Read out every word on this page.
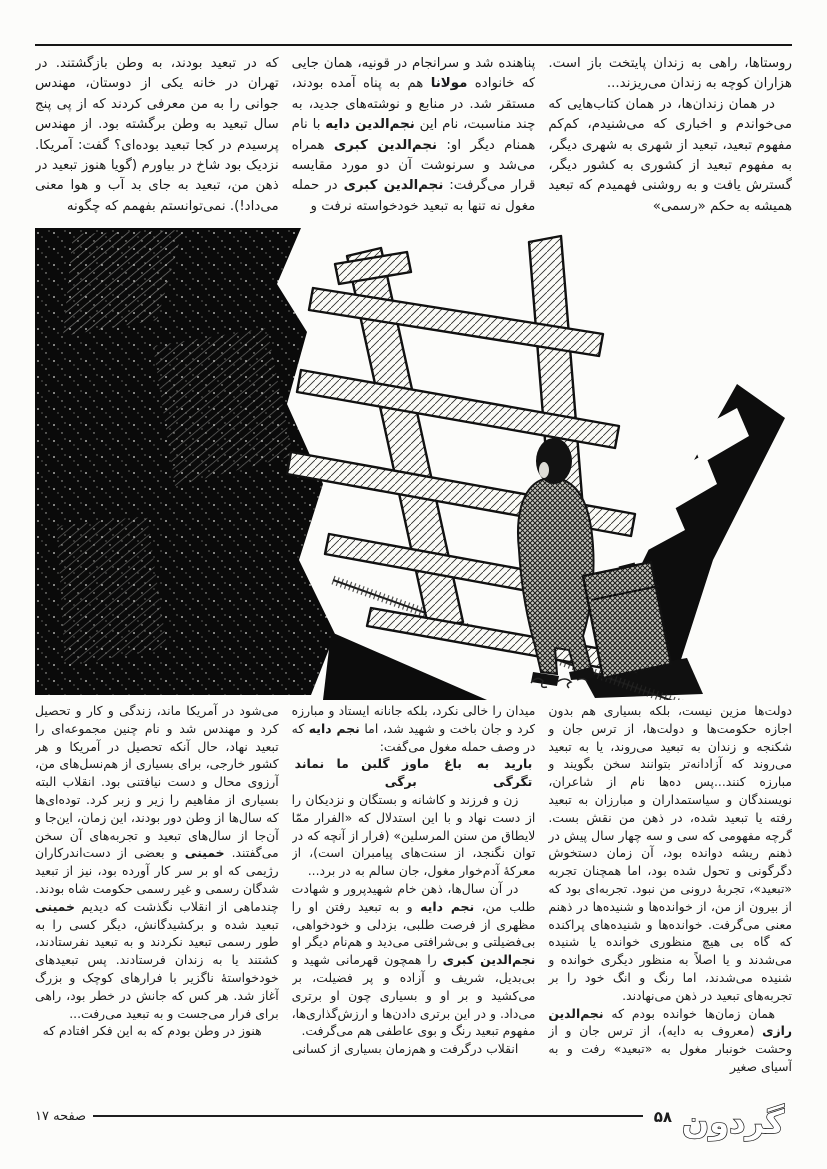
روستاها، راهی به زندان پایتخت باز است. هزاران کوچه به زندان می‌ریزند...

در همان زندان‌ها، در همان کتاب‌هایی که می‌خواندم و اخباری که می‌شنیدم، کم‌کم مفهوم تبعید، تبعید از شهری به شهری دیگر، به مفهوم تبعید از کشوری به کشور دیگر، گسترش یافت و به روشنی فهمیدم که تبعید همیشه به حکم «رسمی»

پناهنده شد و سرانجام در قونیه، همان جایی که خانواده مولانا هم به پناه آمده بودند، مستقر شد. در منابع و نوشته‌های جدید، به چند مناسبت، نام این نجم‌الدین دایه با نام همنام دیگر او: نجم‌الدین کبری همراه می‌شد و سرنوشت آن دو مورد مقایسه قرار می‌گرفت: نجم‌الدین کبری در حمله مغول نه تنها به تبعید خودخواسته نرفت و

که در تبعید بودند، به وطن بازگشتند. در تهران در خانه یکی از دوستان، مهندس جوانی را به من معرفی کردند که از پی پنج سال تبعید به وطن برگشته بود. از مهندس پرسیدم در کجا تبعید بوده‌ای؟ گفت: آمریکا. نزدیک بود شاخ در بیاورم (گویا هنوز تبعید در ذهن من، تبعید به جای بد آب و هوا معنی می‌داد!). نمی‌توانستم بفهمم که چگونه

دولت‌ها مزین نیست، بلکه بسیاری هم بدون اجازه حکومت‌ها و دولت‌ها، از ترس جان و شکنجه و زندان به تبعید می‌روند، یا به تبعید می‌روند که آزادانه‌تر بتوانند سخن بگویند و مبارزه کنند...پس ده‌ها نام از شاعران، نویسندگان و سیاستمداران و مبارزان به تبعید رفته یا تبعید شده، در ذهن من نقش بست. گرچه مفهومی که سی و سه چهار سال پیش در ذهنم ریشه دوانده بود، آن زمان دستخوش دگرگونی و تحول شده بود، اما همچنان تجربه «تبعید»، تجربهٔ درونی من نبود. تجربه‌ای بود که از بیرون از من، از خوانده‌ها و شنیده‌ها در ذهنم معنی می‌گرفت. خوانده‌ها و شنیده‌های پراکنده که گاه بی هیچ منظوری خوانده یا شنیده می‌شدند و یا اصلاً به منظور دیگری خوانده و شنیده می‌شدند، اما رنگ و انگ خود را بر تجربه‌های تبعید در ذهن می‌نهادند.

همان زمان‌ها خوانده بودم که نجم‌الدین رازی (معروف به دایه)، از ترس جان و از وحشت خونبار مغول به «تبعید» رفت و به آسیای صغیر

میدان را خالی نکرد، بلکه جانانه ایستاد و مبارزه کرد و جان باخت و شهید شد، اما نجم دایه که در وصف حمله مغول می‌گفت:

بارید به باغ ما تگرگی
وز گلبن ما نماند برگی

زن و فرزند و کاشانه و بستگان و نزدیکان را از دست نهاد و با این استدلال که «الفرار ممّا لایطاق من سنن المرسلین» (فرار از آنچه که در توان نگنجد، از سنت‌های پیامبران است)، از معرکهٔ آدم‌خوار مغول، جان سالم به در برد...

در آن سال‌ها، ذهن خام شهیدپرور و شهادت طلب من، نجم دایه و به تبعید رفتن او را مظهری از فرصت طلبی، بزدلی و خودخواهی، بی‌فضیلتی و بی‌شرافتی می‌دید و هم‌نام دیگر او نجم‌الدین کبری را همچون قهرمانی شهید و بی‌بدیل، شریف و آزاده و پر فضیلت، بر می‌کشید و بر او و بسیاری چون او برتری می‌داد. و در این برتری دادن‌ها و ارزش‌گذاری‌ها، مفهوم تبعید رنگ و بوی عاطفی هم می‌گرفت.

انقلاب درگرفت و هم‌زمان بسیاری از کسانی

می‌شود در آمریکا ماند، زندگی و کار و تحصیل کرد و مهندس شد و نام چنین مجموعه‌ای را تبعید نهاد، حال آنکه تحصیل در آمریکا و هر کشور خارجی، برای بسیاری از هم‌نسل‌های من، آرزوی محال و دست نیافتنی بود. انقلاب البته بسیاری از مفاهیم را زیر و زبر کرد. توده‌ای‌ها که سال‌ها از وطن دور بودند، این زمان، این‌جا و آن‌جا از سال‌های تبعید و تجربه‌های آن سخن می‌گفتند. خمینی و بعضی از دست‌اندرکاران رژیمی که او بر سر کار آورده بود، نیز از تبعید شدگان رسمی و غیر رسمی حکومت شاه بودند. چندماهی از انقلاب نگذشت که دیدیم خمینی تبعید شده و برکشیدگانش، دیگر کسی را به طور رسمی تبعید نکردند و به تبعید نفرستادند، کشتند یا به زندان فرستادند. پس تبعیدهای خودخواستهٔ ناگزیر با فرارهای کوچک و بزرگ آغاز شد. هر کس که جانش در خطر بود، راهی برای فرار می‌جست و به تبعید می‌رفت...

هنوز در وطن بودم که به این فکر افتادم که

صفحه ۱۷	۵۸ گردون
